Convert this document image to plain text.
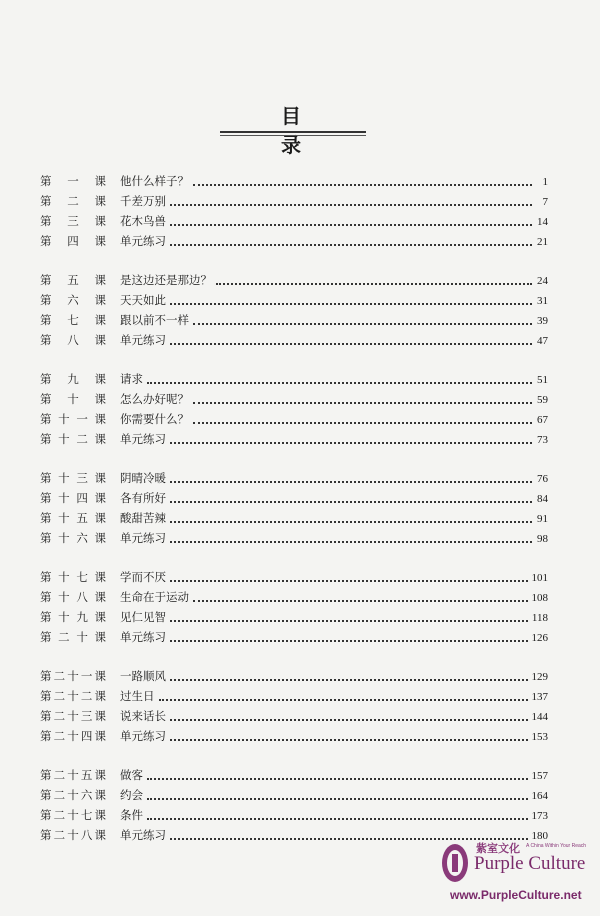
目 录
第 一 课 他什么样子？	1
第 二 课 千差万别	7
第 三 课 花木鸟兽	14
第 四 课 单元练习	21
第 五 课 是这边还是那边？	24
第 六 课 天天如此	31
第 七 课 跟以前不一样	39
第 八 课 单元练习	47
第 九 课 请求	51
第 十 课 怎么办好呢？	59
第十一课 你需要什么？	67
第十二课 单元练习	73
第十三课 阴晴冷暖	76
第十四课 各有所好	84
第十五课 酸甜苦辣	91
第十六课 单元练习	98
第十七课 学而不厌	101
第十八课 生命在于运动	108
第十九课 见仁见智	118
第二十课 单元练习	126
第二十一课 一路顺风	129
第二十二课 过生日	137
第二十三课 说来话长	144
第二十四课 单元练习	153
第二十五课 做客	157
第二十六课 约会	164
第二十七课 条件	173
第二十八课 单元练习	180
紫室文化 A China Within Your Reach
Purple Culture
www.PurpleCulture.net
